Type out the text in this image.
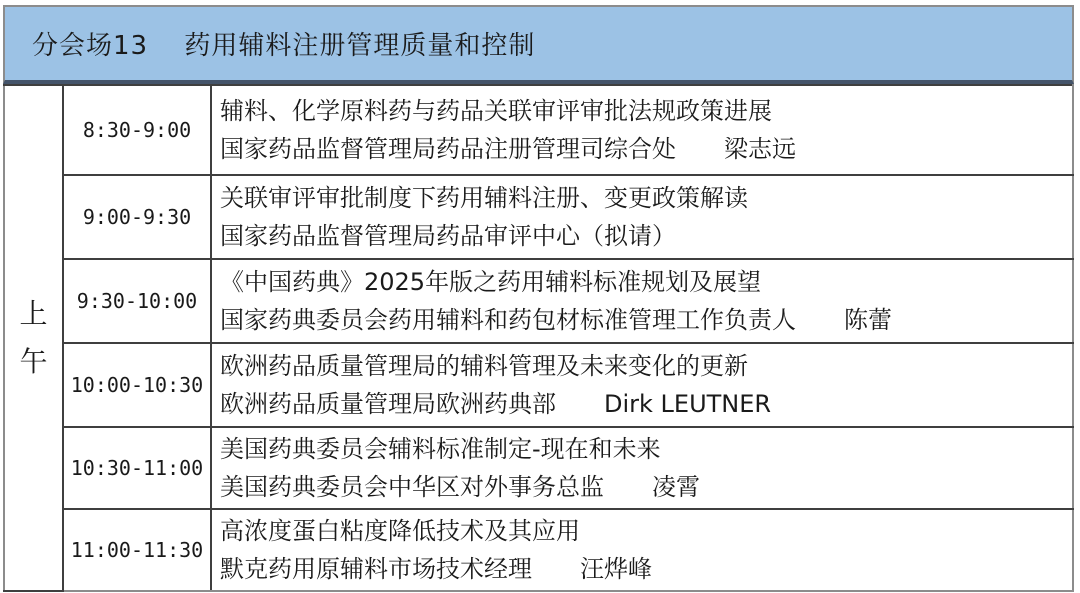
分会场13　 药用辅料注册管理质量和控制
上午	8:30-9:00	辅料、化学原料药与药品关联审评审批法规政策进展
国家药品监督管理局药品注册管理司综合处　　梁志远

	9:00-9:30	关联审评审批制度下药用辅料注册、变更政策解读
国家药品监督管理局药品审评中心（拟请）

	9:30-10:00	《中国药典》2025年版之药用辅料标准规划及展望
国家药典委员会药用辅料和药包材标准管理工作负责人　　陈蕾

	10:00-10:30	欧洲药品质量管理局的辅料管理及未来变化的更新
欧洲药品质量管理局欧洲药典部　　Dirk LEUTNER

	10:30-11:00	美国药典委员会辅料标准制定-现在和未来
美国药典委员会中华区对外事务总监　　凌霄

	11:00-11:30	高浓度蛋白粘度降低技术及其应用
默克药用原辅料市场技术经理　　汪烨峰
